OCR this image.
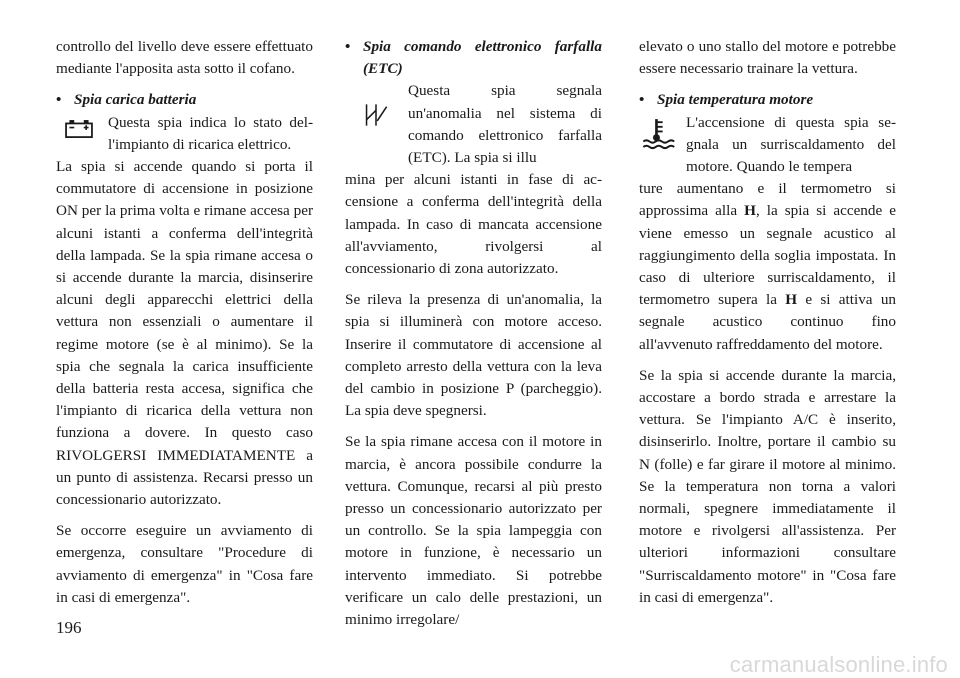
controllo del livello deve essere effettuato mediante l'apposita asta sotto il cofano.

• Spia carica batteria

Questa spia indica lo stato dell'impianto di ricarica elettrico.

La spia si accende quando si porta il commutatore di accensione in posizione ON per la prima volta e rimane accesa per alcuni istanti a conferma dell'integrità della lampada. Se la spia rimane accesa o si accende durante la marcia, disinserire alcuni degli apparecchi elettrici della vettura non essenziali o aumentare il regime motore (se è al minimo). Se la spia che segnala la carica insufficiente della batteria resta accesa, significa che l'impianto di ricarica della vettura non funziona a dovere. In questo caso RIVOLGERSI IMMEDIATAMENTE a un punto di assistenza. Recarsi presso un concessionario autorizzato.

Se occorre eseguire un avviamento di emergenza, consultare "Procedure di avviamento di emergenza" in "Cosa fare in casi di emergenza".

• Spia comando elettronico farfalla (ETC)

Questa spia segnala un'anomalia nel sistema di comando elettronico farfalla (ETC). La spia si illu

mina per alcuni istanti in fase di accensione a conferma dell'integrità della lampada. In caso di mancata accensione all'avviamento, rivolgersi al concessionario di zona autorizzato.

Se rileva la presenza di un'anomalia, la spia si illuminerà con motore acceso. Inserire il commutatore di accensione al completo arresto della vettura con la leva del cambio in posizione P (parcheggio). La spia deve spegnersi.

Se la spia rimane accesa con il motore in marcia, è ancora possibile condurre la vettura. Comunque, recarsi al più presto presso un concessionario autorizzato per un controllo. Se la spia lampeggia con motore in funzione, è necessario un intervento immediato. Si potrebbe verificare un calo delle prestazioni, un minimo irregolare/

elevato o uno stallo del motore e potrebbe essere necessario trainare la vettura.

• Spia temperatura motore

L'accensione di questa spia segnala un surriscaldamento del motore. Quando le tempera

ture aumentano e il termometro si approssima alla H, la spia si accende e viene emesso un segnale acustico al raggiungimento della soglia impostata. In caso di ulteriore surriscaldamento, il termometro supera la H e si attiva un segnale acustico continuo fino all'avvenuto raffreddamento del motore.

Se la spia si accende durante la marcia, accostare a bordo strada e arrestare la vettura. Se l'impianto A/C è inserito, disinserirlo. Inoltre, portare il cambio su N (folle) e far girare il motore al minimo. Se la temperatura non torna a valori normali, spegnere immediatamente il motore e rivolgersi all'assistenza. Per ulteriori informazioni consultare "Surriscaldamento motore" in "Cosa fare in casi di emergenza".

196
carmanualsonline.info
